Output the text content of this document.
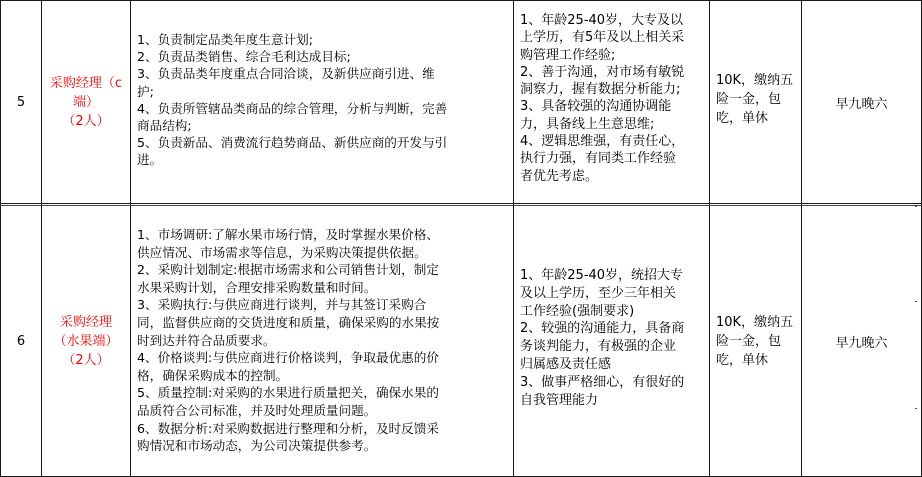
5
采购经理（c
端）
（2人）
1、负责制定品类年度生意计划;
2、负责品类销售、综合毛利达成目标;
3、负责品类年度重点合同洽谈，及新供应商引进、维
护;
4、负责所管辖品类商品的综合管理，分析与判断，完善
商品结构;
5、负责新品、消费流行趋势商品、新供应商的开发与引
进。
1、年龄25-40岁，大专及以
上学历，有5年及以上相关采
购管理工作经验;
2、善于沟通，对市场有敏锐
洞察力，握有数据分析能力;
3、具备较强的沟通协调能
力，具备线上生意思维;
4、逻辑思维强，有责任心，
执行力强，有同类工作经验
者优先考虑。
10K，缴纳五
险一金，包
吃，单休
早九晚六
6
采购经理
（水果端）
（2人）
1、市场调研:了解水果市场行情，及时掌握水果价格、
供应情况、市场需求等信息，为采购决策提供依据。
2、采购计划制定:根据市场需求和公司销售计划，制定
水果采购计划，合理安排采购数量和时间。
3、采购执行:与供应商进行谈判，并与其签订采购合
同，监督供应商的交货进度和质量，确保采购的水果按
时到达并符合品质要求。
4、价格谈判:与供应商进行价格谈判，争取最优惠的价
格，确保采购成本的控制。
5、质量控制:对采购的水果进行质量把关，确保水果的
品质符合公司标准，并及时处理质量问题。
6、数据分析:对采购数据进行整理和分析，及时反馈采
购情况和市场动态，为公司决策提供参考。
1、年龄25-40岁，统招大专
及以上学历，至少三年相关
工作经验(强制要求)
2、较强的沟通能力，具备商
务谈判能力，有极强的企业
归属感及责任感
3、做事严格细心，有很好的
自我管理能力
10K，缴纳五
险一金，包
吃，单休
早九晚六
